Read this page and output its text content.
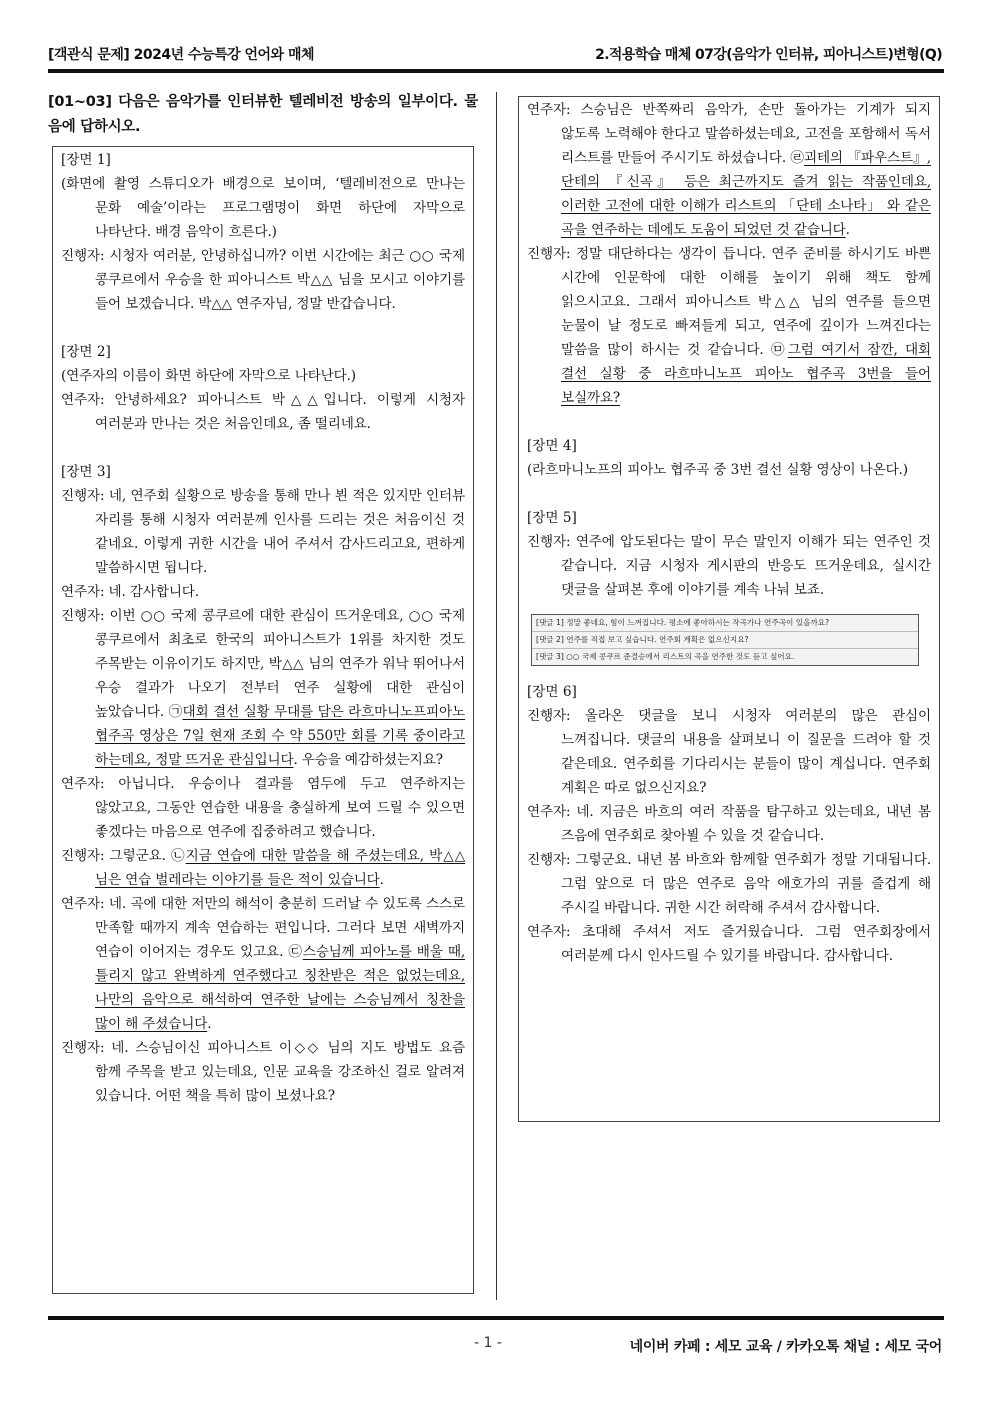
[객관식 문제] 2024년 수능특강 언어와 매체	2.적용학습 매체 07강(음악가 인터뷰, 피아니스트)변형(Q)
[01~03] 다음은 음악가를 인터뷰한 텔레비전 방송의 일부이다. 물음에 답하시오.
[장면 1]
(화면에 촬영 스튜디오가 배경으로 보이며, ‘텔레비전으로 만나는 문화 예술’이라는 프로그램명이 화면 하단에 자막으로 나타난다. 배경 음악이 흐른다.)
진행자: 시청자 여러분, 안녕하십니까? 이번 시간에는 최근 ○○ 국제 콩쿠르에서 우승을 한 피아니스트 박△△ 님을 모시고 이야기를 들어 보겠습니다. 박△△ 연주자님, 정말 반갑습니다.
[장면 2]
(연주자의 이름이 화면 하단에 자막으로 나타난다.)
연주자: 안녕하세요? 피아니스트 박△△입니다. 이렇게 시청자 여러분과 만나는 것은 처음인데요, 좀 떨리네요.
[장면 3]
진행자: 네, 연주회 실황으로 방송을 통해 만나 뵌 적은 있지만 인터뷰 자리를 통해 시청자 여러분께 인사를 드리는 것은 처음이신 것 같네요. 이렇게 귀한 시간을 내어 주셔서 감사드리고요, 편하게 말씀하시면 됩니다.
연주자: 네. 감사합니다.
진행자: 이번 ○○ 국제 콩쿠르에 대한 관심이 뜨거운데요, ○○ 국제 콩쿠르에서 최초로 한국의 피아니스트가 1위를 차지한 것도 주목받는 이유이기도 하지만, 박△△ 님의 연주가 워낙 뛰어나서 우승 결과가 나오기 전부터 연주 실황에 대한 관심이 높았습니다. ㉠대회 결선 실황 무대를 담은 라흐마니노프피아노 협주곡 영상은 7일 현재 조회 수 약 550만 회를 기록 중이라고 하는데요, 정말 뜨거운 관심입니다. 우승을 예감하셨는지요?
연주자: 아닙니다. 우승이나 결과를 염두에 두고 연주하지는 않았고요, 그동안 연습한 내용을 충실하게 보여 드릴 수 있으면 좋겠다는 마음으로 연주에 집중하려고 했습니다.
진행자: 그렇군요. ㉡지금 연습에 대한 말씀을 해 주셨는데요, 박△△ 님은 연습 벌레라는 이야기를 들은 적이 있습니다.
연주자: 네. 곡에 대한 저만의 해석이 충분히 드러날 수 있도록 스스로 만족할 때까지 계속 연습하는 편입니다. 그러다 보면 새벽까지 연습이 이어지는 경우도 있고요. ㉢스승님께 피아노를 배울 때, 틀리지 않고 완벽하게 연주했다고 칭찬받은 적은 없었는데요, 나만의 음악으로 해석하여 연주한 날에는 스승님께서 칭찬을 많이 해 주셨습니다.
진행자: 네. 스승님이신 피아니스트 이◇◇ 님의 지도 방법도 요즘 함께 주목을 받고 있는데요, 인문 교육을 강조하신 걸로 알려져 있습니다. 어떤 책을 특히 많이 보셨나요?
연주자: 스승님은 반쪽짜리 음악가, 손만 돌아가는 기계가 되지 않도록 노력해야 한다고 말씀하셨는데요, 고전을 포함해서 독서 리스트를 만들어 주시기도 하셨습니다. ㉣괴테의 『파우스트』, 단테의 『신곡』 등은 최근까지도 즐겨 읽는 작품인데요, 이러한 고전에 대한 이해가 리스트의 「단테 소나타」 와 같은 곡을 연주하는 데에도 도움이 되었던 것 같습니다.
진행자: 정말 대단하다는 생각이 듭니다. 연주 준비를 하시기도 바쁜 시간에 인문학에 대한 이해를 높이기 위해 책도 함께 읽으시고요. 그래서 피아니스트 박△△ 님의 연주를 들으면 눈물이 날 정도로 빠져들게 되고, 연주에 깊이가 느껴진다는 말씀을 많이 하시는 것 같습니다. ㉤그럼 여기서 잠깐, 대회 결선 실황 중 라흐마니노프 피아노 협주곡 3번을 들어 보실까요?
[장면 4]
(라흐마니노프의 피아노 협주곡 중 3번 결선 실황 영상이 나온다.)
[장면 5]
진행자: 연주에 압도된다는 말이 무슨 말인지 이해가 되는 연주인 것 같습니다. 지금 시청자 게시판의 반응도 뜨거운데요, 실시간 댓글을 살펴본 후에 이야기를 계속 나눠 보죠.
[댓글 1] 정말 좋네요, 힘이 느껴집니다. 평소에 좋아하시는 작곡가나 연주곡이 있을까요?
[댓글 2] 연주를 직접 보고 싶습니다. 연주회 계획은 없으신지요?
[댓글 3] ○○ 국제 콩쿠르 준결승에서 리스트의 곡을 연주한 것도 듣고 싶어요.
[장면 6]
진행자: 올라온 댓글을 보니 시청자 여러분의 많은 관심이 느껴집니다. 댓글의 내용을 살펴보니 이 질문을 드려야 할 것 같은데요. 연주회를 기다리시는 분들이 많이 계십니다. 연주회 계획은 따로 없으신지요?
연주자: 네. 지금은 바흐의 여러 작품을 탐구하고 있는데요, 내년 봄 즈음에 연주회로 찾아뵐 수 있을 것 같습니다.
진행자: 그렇군요. 내년 봄 바흐와 함께할 연주회가 정말 기대됩니다. 그럼 앞으로 더 많은 연주로 음악 애호가의 귀를 즐겁게 해 주시길 바랍니다. 귀한 시간 허락해 주셔서 감사합니다.
연주자: 초대해 주셔서 저도 즐거웠습니다. 그럼 연주회장에서 여러분께 다시 인사드릴 수 있기를 바랍니다. 감사합니다.
- 1 -	네이버 카페 : 세모 교육 / 카카오톡 채널 : 세모 국어
